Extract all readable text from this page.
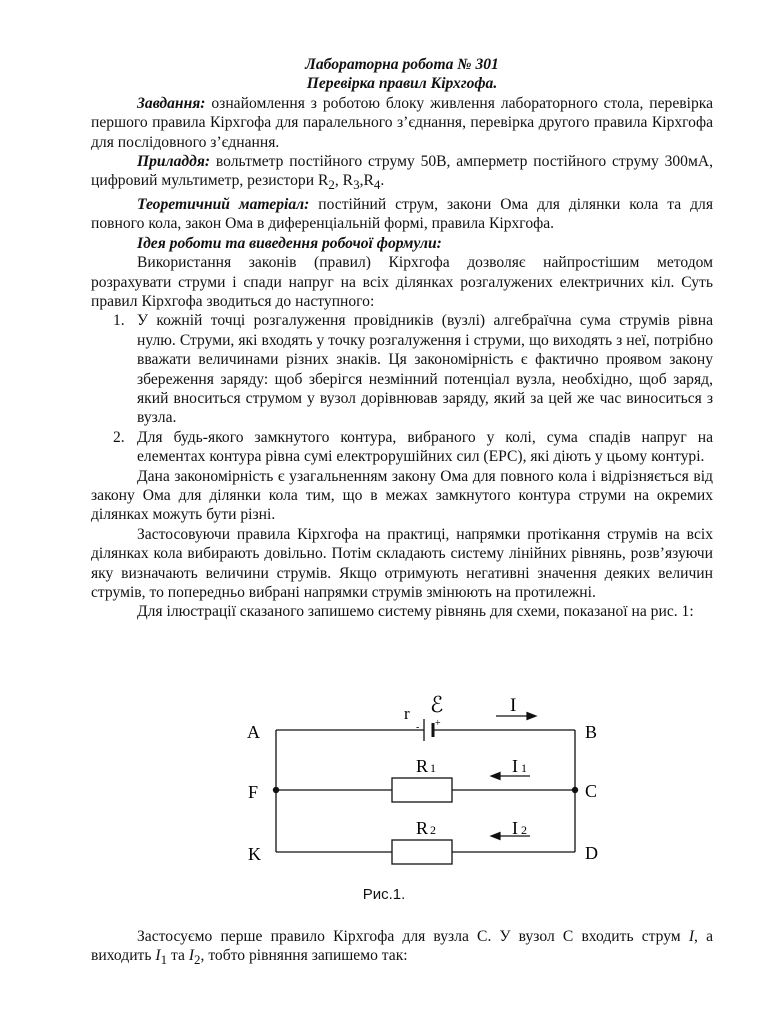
Лабораторна робота № 301

Перевірка правил Кірхгофа.

Завдання: ознайомлення з роботою блоку живлення лабораторного стола, перевірка першого правила Кірхгофа для паралельного з’єднання, перевірка другого правила Кірхгофа для послідовного з’єднання.

Приладдя: вольтметр постійного струму 50В, амперметр постійного струму 300мА, цифровий мультиметр, резистори $R_2$, $R_3,R_4$.

Теоретичний матеріал: постійний струм, закони Ома для ділянки кола та для повного кола, закон Ома в диференціальній формі, правила Кірхгофа.

Ідея роботи та виведення робочої формули:

Використання законів (правил) Кірхгофа дозволяє найпростішим методом розрахувати струми і спади напруг на всіх ділянках розгалужених електричних кіл. Суть правил Кірхгофа зводиться до наступного:

1. У кожній точці розгалуження провідників (вузлі) алгебраїчна сума струмів рівна нулю. Струми, які входять у точку розгалуження і струми, що виходять з неї, потрібно вважати величинами різних знаків. Ця закономірність є фактично проявом закону збереження заряду: щоб зберігся незмінний потенціал вузла, необхідно, щоб заряд, який вноситься струмом у вузол дорівнював заряду, який за цей же час виноситься з вузла.
2. Для будь-якого замкнутого контура, вибраного у колі, сума спадів напруг на елементах контура рівна сумі електрорушійних сил (ЕРС), які діють у цьому контурі.

Дана закономірність є узагальненням закону Ома для повного кола і відрізняється від закону Ома для ділянки кола тим, що в межах замкнутого контура струми на окремих ділянках можуть бути різні.

Застосовуючи правила Кірхгофа на практиці, напрямки протікання струмів на всіх ділянках кола вибирають довільно. Потім складають систему лінійних рівнянь, розв’язуючи яку визначають величини струмів. Якщо отримують негативні значення деяких величин струмів, то попередньо вибрані напрямки струмів змінюють на протилежні.

Для ілюстрації сказаного запишемо систему рівнянь для схеми, показаної на рис. 1:

A	B
C
D
F
K
r
- +
ℰ	I
R 1
R 2
I 1
I 2
Рис.1.

Застосуємо перше правило Кірхгофа для вузла С. У вузол С входить струм I, а виходить $I_1$ та $I_2$, тобто рівняння запишемо так:
